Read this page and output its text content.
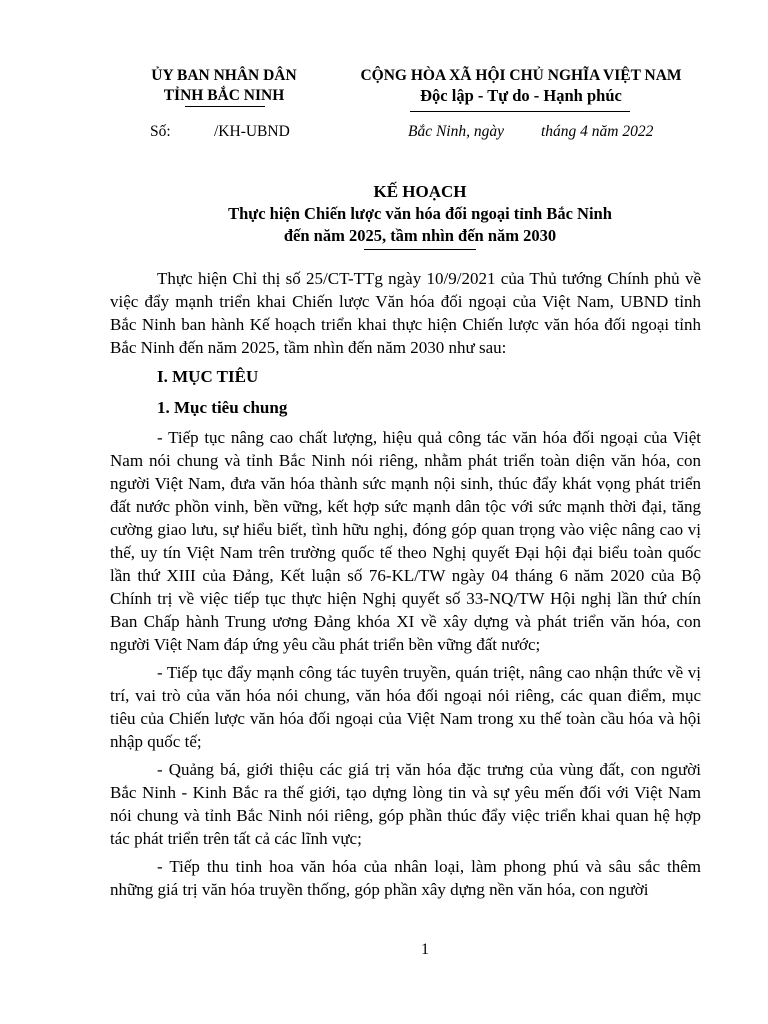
ỦY BAN NHÂN DÂN
TỈNH BẮC NINH
CỘNG HÒA XÃ HỘI CHỦ NGHĨA VIỆT NAM
Độc lập - Tự do - Hạnh phúc
Số:	/KH-UBND	Bắc Ninh, ngày tháng 4 năm 2022
KẾ HOẠCH
Thực hiện Chiến lược văn hóa đối ngoại tỉnh Bắc Ninh
đến năm 2025, tầm nhìn đến năm 2030

Thực hiện Chỉ thị số 25/CT-TTg ngày 10/9/2021 của Thủ tướng Chính phủ về việc đẩy mạnh triển khai Chiến lược Văn hóa đối ngoại của Việt Nam, UBND tỉnh Bắc Ninh ban hành Kế hoạch triển khai thực hiện Chiến lược văn hóa đối ngoại tỉnh Bắc Ninh đến năm 2025, tầm nhìn đến năm 2030 như sau:

I. MỤC TIÊU
1. Mục tiêu chung

- Tiếp tục nâng cao chất lượng, hiệu quả công tác văn hóa đối ngoại của Việt Nam nói chung và tỉnh Bắc Ninh nói riêng, nhằm phát triển toàn diện văn hóa, con người Việt Nam, đưa văn hóa thành sức mạnh nội sinh, thúc đẩy khát vọng phát triển đất nước phồn vinh, bền vững, kết hợp sức mạnh dân tộc với sức mạnh thời đại, tăng cường giao lưu, sự hiểu biết, tình hữu nghị, đóng góp quan trọng vào việc nâng cao vị thế, uy tín Việt Nam trên trường quốc tế theo Nghị quyết Đại hội đại biểu toàn quốc lần thứ XIII của Đảng, Kết luận số 76-KL/TW ngày 04 tháng 6 năm 2020 của Bộ Chính trị về việc tiếp tục thực hiện Nghị quyết số 33-NQ/TW Hội nghị lần thứ chín Ban Chấp hành Trung ương Đảng khóa XI về xây dựng và phát triển văn hóa, con người Việt Nam đáp ứng yêu cầu phát triển bền vững đất nước;

- Tiếp tục đẩy mạnh công tác tuyên truyền, quán triệt, nâng cao nhận thức về vị trí, vai trò của văn hóa nói chung, văn hóa đối ngoại nói riêng, các quan điểm, mục tiêu của Chiến lược văn hóa đối ngoại của Việt Nam trong xu thế toàn cầu hóa và hội nhập quốc tế;

- Quảng bá, giới thiệu các giá trị văn hóa đặc trưng của vùng đất, con người Bắc Ninh - Kinh Bắc ra thế giới, tạo dựng lòng tin và sự yêu mến đối với Việt Nam nói chung và tỉnh Bắc Ninh nói riêng, góp phần thúc đẩy việc triển khai quan hệ hợp tác phát triển trên tất cả các lĩnh vực;

- Tiếp thu tinh hoa văn hóa của nhân loại, làm phong phú và sâu sắc thêm những giá trị văn hóa truyền thống, góp phần xây dựng nền văn hóa, con người

1
